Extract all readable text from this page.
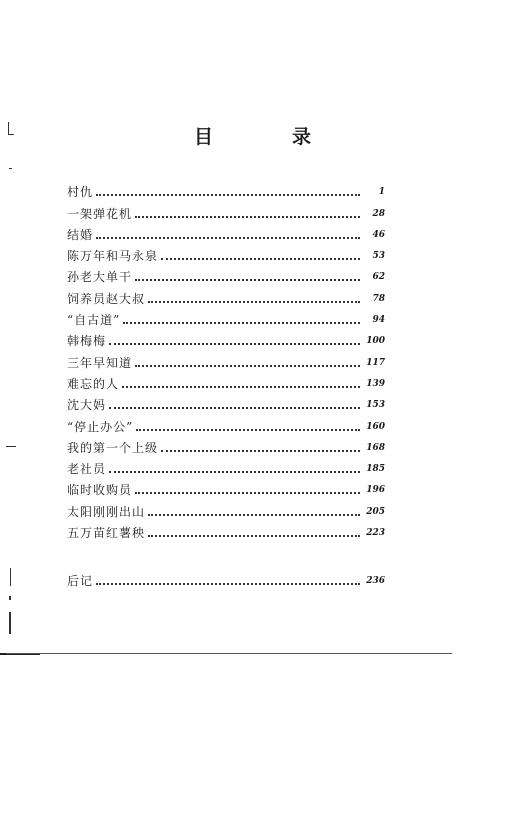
目　录
村仇	1
一架弹花机	28
结婚	46
陈万年和马永泉	53
孙老大单干	62
饲养员赵大叔	78
“自古道”	94
韩梅梅	100
三年早知道	117
难忘的人	139
沈大妈	153
“停止办公”	160
我的第一个上级	168
老社员	185
临时收购员	196
太阳刚刚出山	205
五万苗红薯秧	223
后记	236
